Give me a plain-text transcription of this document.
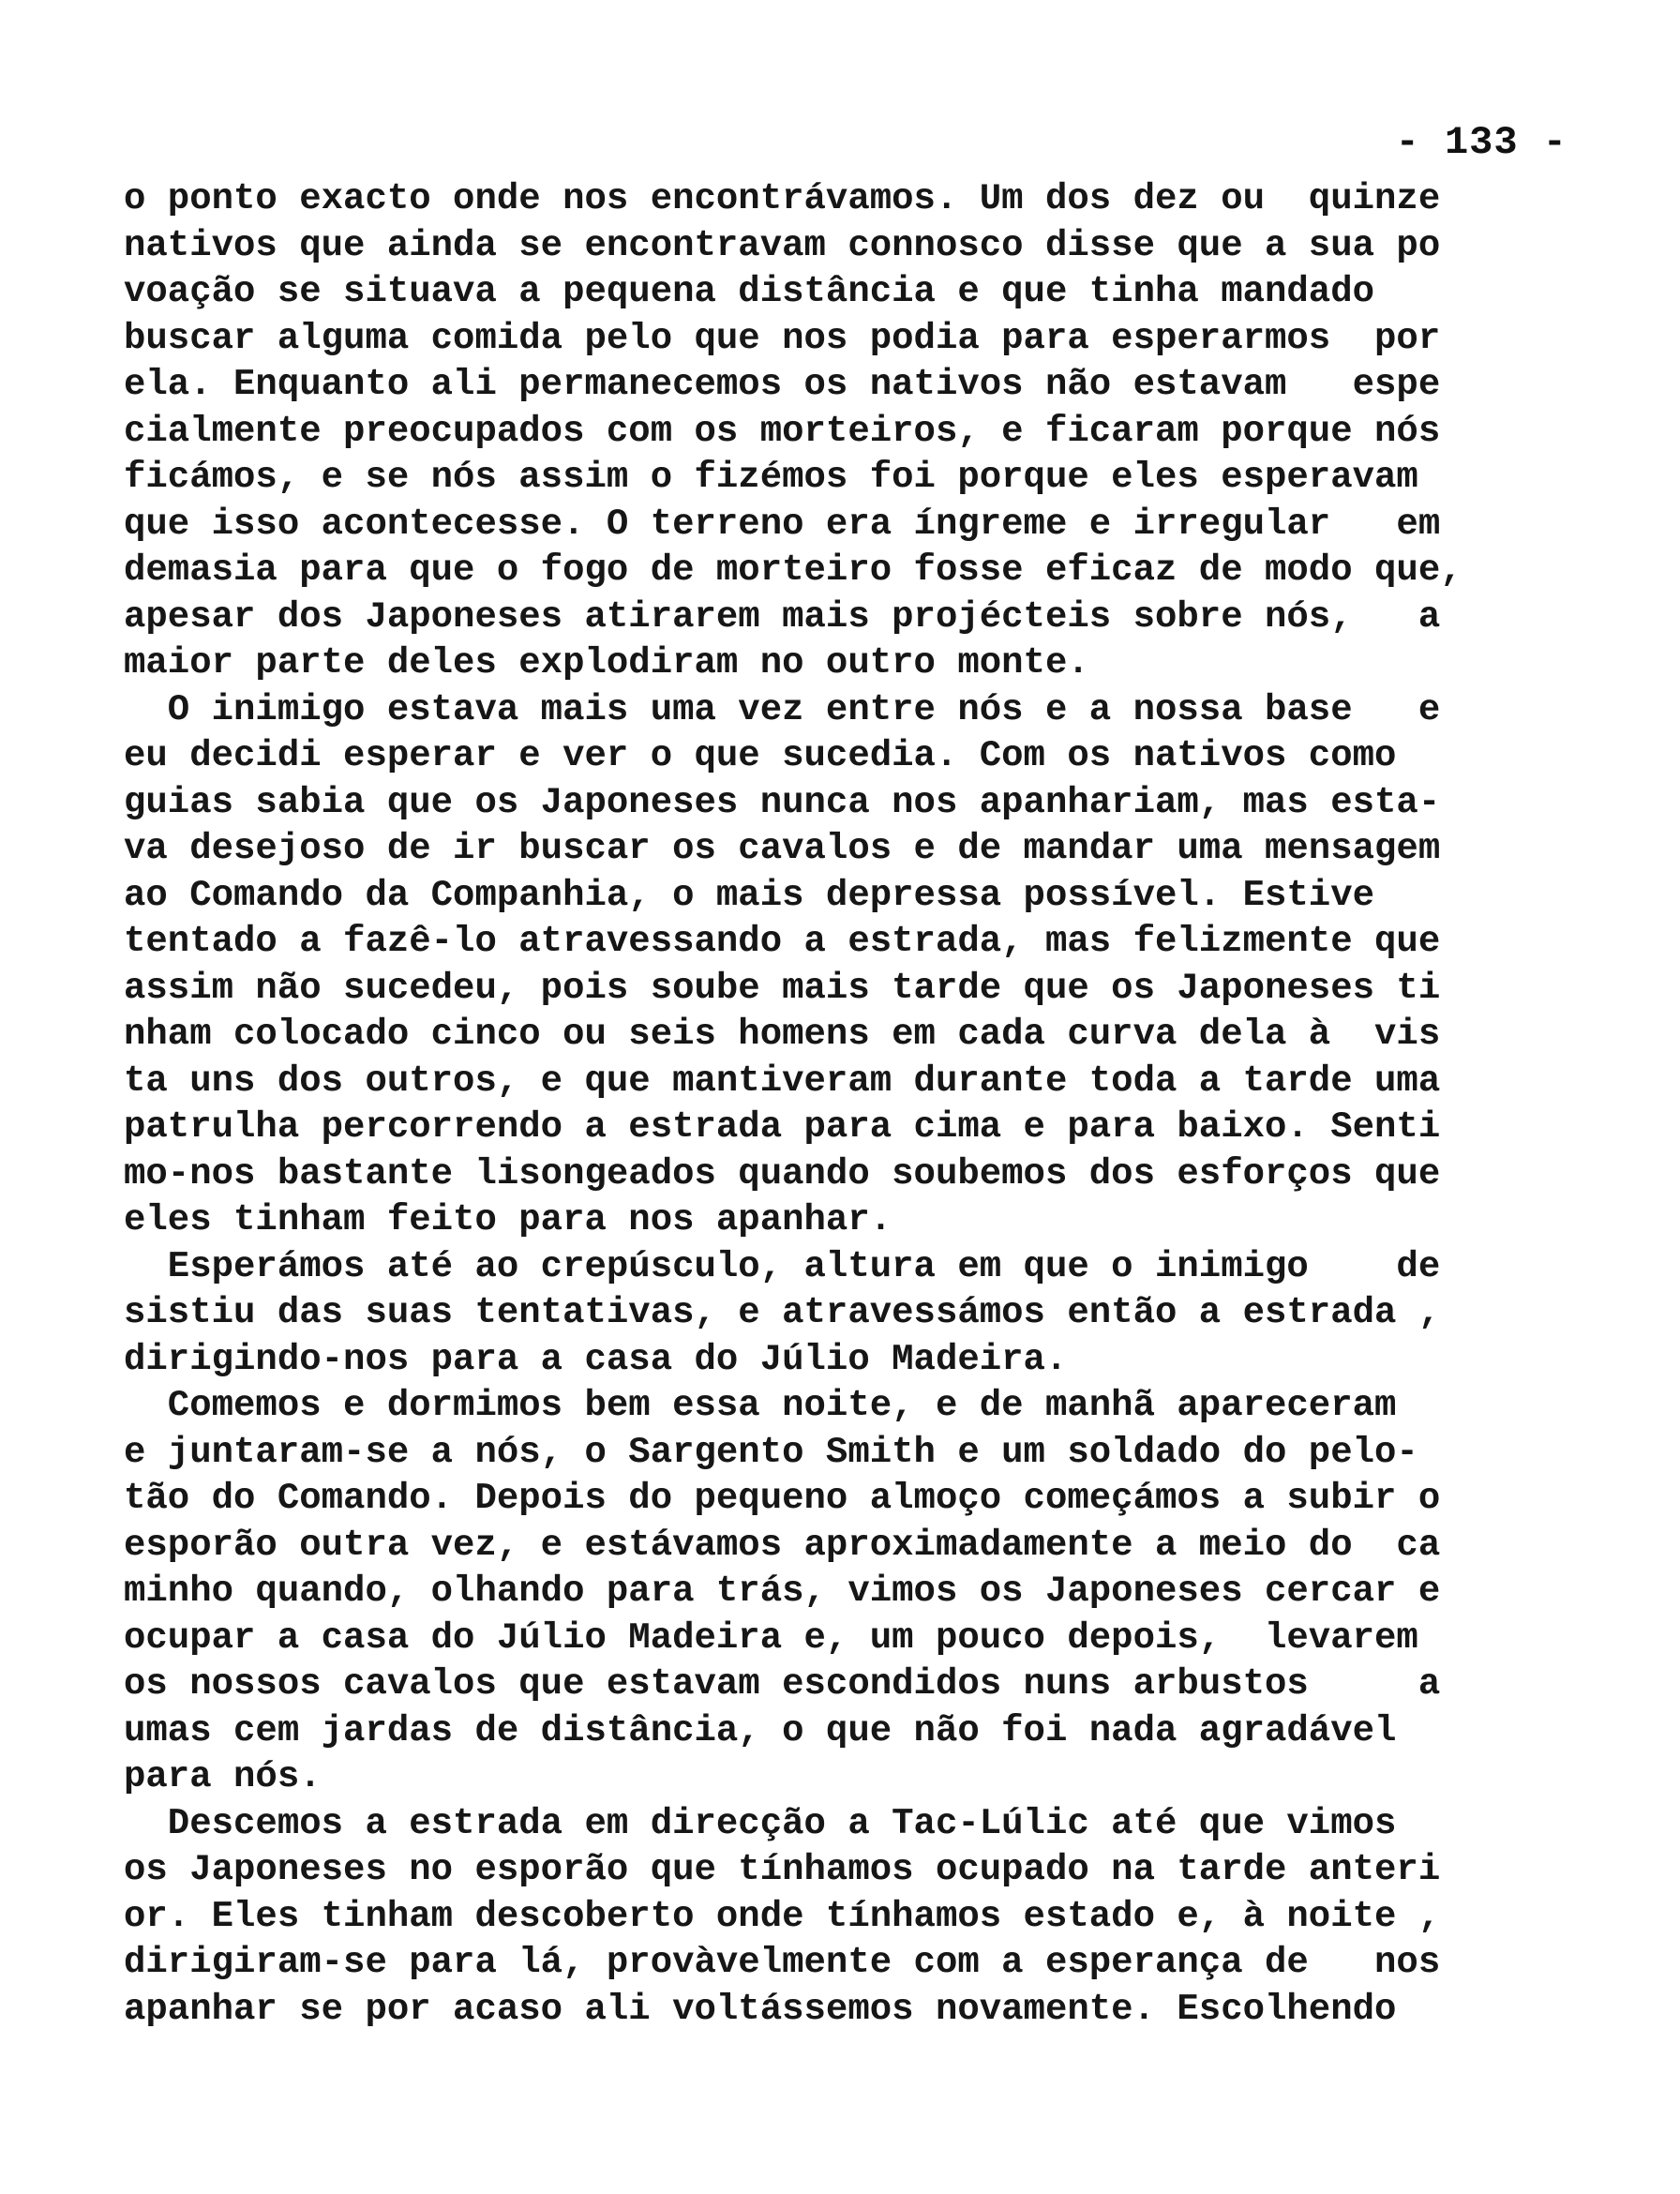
- 133 -
o ponto exacto onde nos encontrávamos. Um dos dez ou  quinze
nativos que ainda se encontravam connosco disse que a sua po
voação se situava a pequena distância e que tinha mandado
buscar alguma comida pelo que nos podia para esperarmos  por
ela. Enquanto ali permanecemos os nativos não estavam   espe
cialmente preocupados com os morteiros, e ficaram porque nós
ficámos, e se nós assim o fizémos foi porque eles esperavam
que isso acontecesse. O terreno era íngreme e irregular   em
demasia para que o fogo de morteiro fosse eficaz de modo que,
apesar dos Japoneses atirarem mais projécteis sobre nós,   a
maior parte deles explodiram no outro monte.
O inimigo estava mais uma vez entre nós e a nossa base   e
eu decidi esperar e ver o que sucedia. Com os nativos como
guias sabia que os Japoneses nunca nos apanhariam, mas esta-
va desejoso de ir buscar os cavalos e de mandar uma mensagem
ao Comando da Companhia, o mais depressa possível. Estive
tentado a fazê-lo atravessando a estrada, mas felizmente que
assim não sucedeu, pois soube mais tarde que os Japoneses ti
nham colocado cinco ou seis homens em cada curva dela à  vis
ta uns dos outros, e que mantiveram durante toda a tarde uma
patrulha percorrendo a estrada para cima e para baixo. Senti
mo-nos bastante lisongeados quando soubemos dos esforços que
eles tinham feito para nos apanhar.
Esperámos até ao crepúsculo, altura em que o inimigo    de
sistiu das suas tentativas, e atravessámos então a estrada ,
dirigindo-nos para a casa do Júlio Madeira.
Comemos e dormimos bem essa noite, e de manhã apareceram
e juntaram-se a nós, o Sargento Smith e um soldado do pelo-
tão do Comando. Depois do pequeno almoço começámos a subir o
esporão outra vez, e estávamos aproximadamente a meio do  ca
minho quando, olhando para trás, vimos os Japoneses cercar e
ocupar a casa do Júlio Madeira e, um pouco depois,  levarem
os nossos cavalos que estavam escondidos nuns arbustos     a
umas cem jardas de distância, o que não foi nada agradável
para nós.
Descemos a estrada em direcção a Tac-Lúlic até que vimos
os Japoneses no esporão que tínhamos ocupado na tarde anteri
or. Eles tinham descoberto onde tínhamos estado e, à noite ,
dirigiram-se para lá, provàvelmente com a esperança de   nos
apanhar se por acaso ali voltássemos novamente. Escolhendo
